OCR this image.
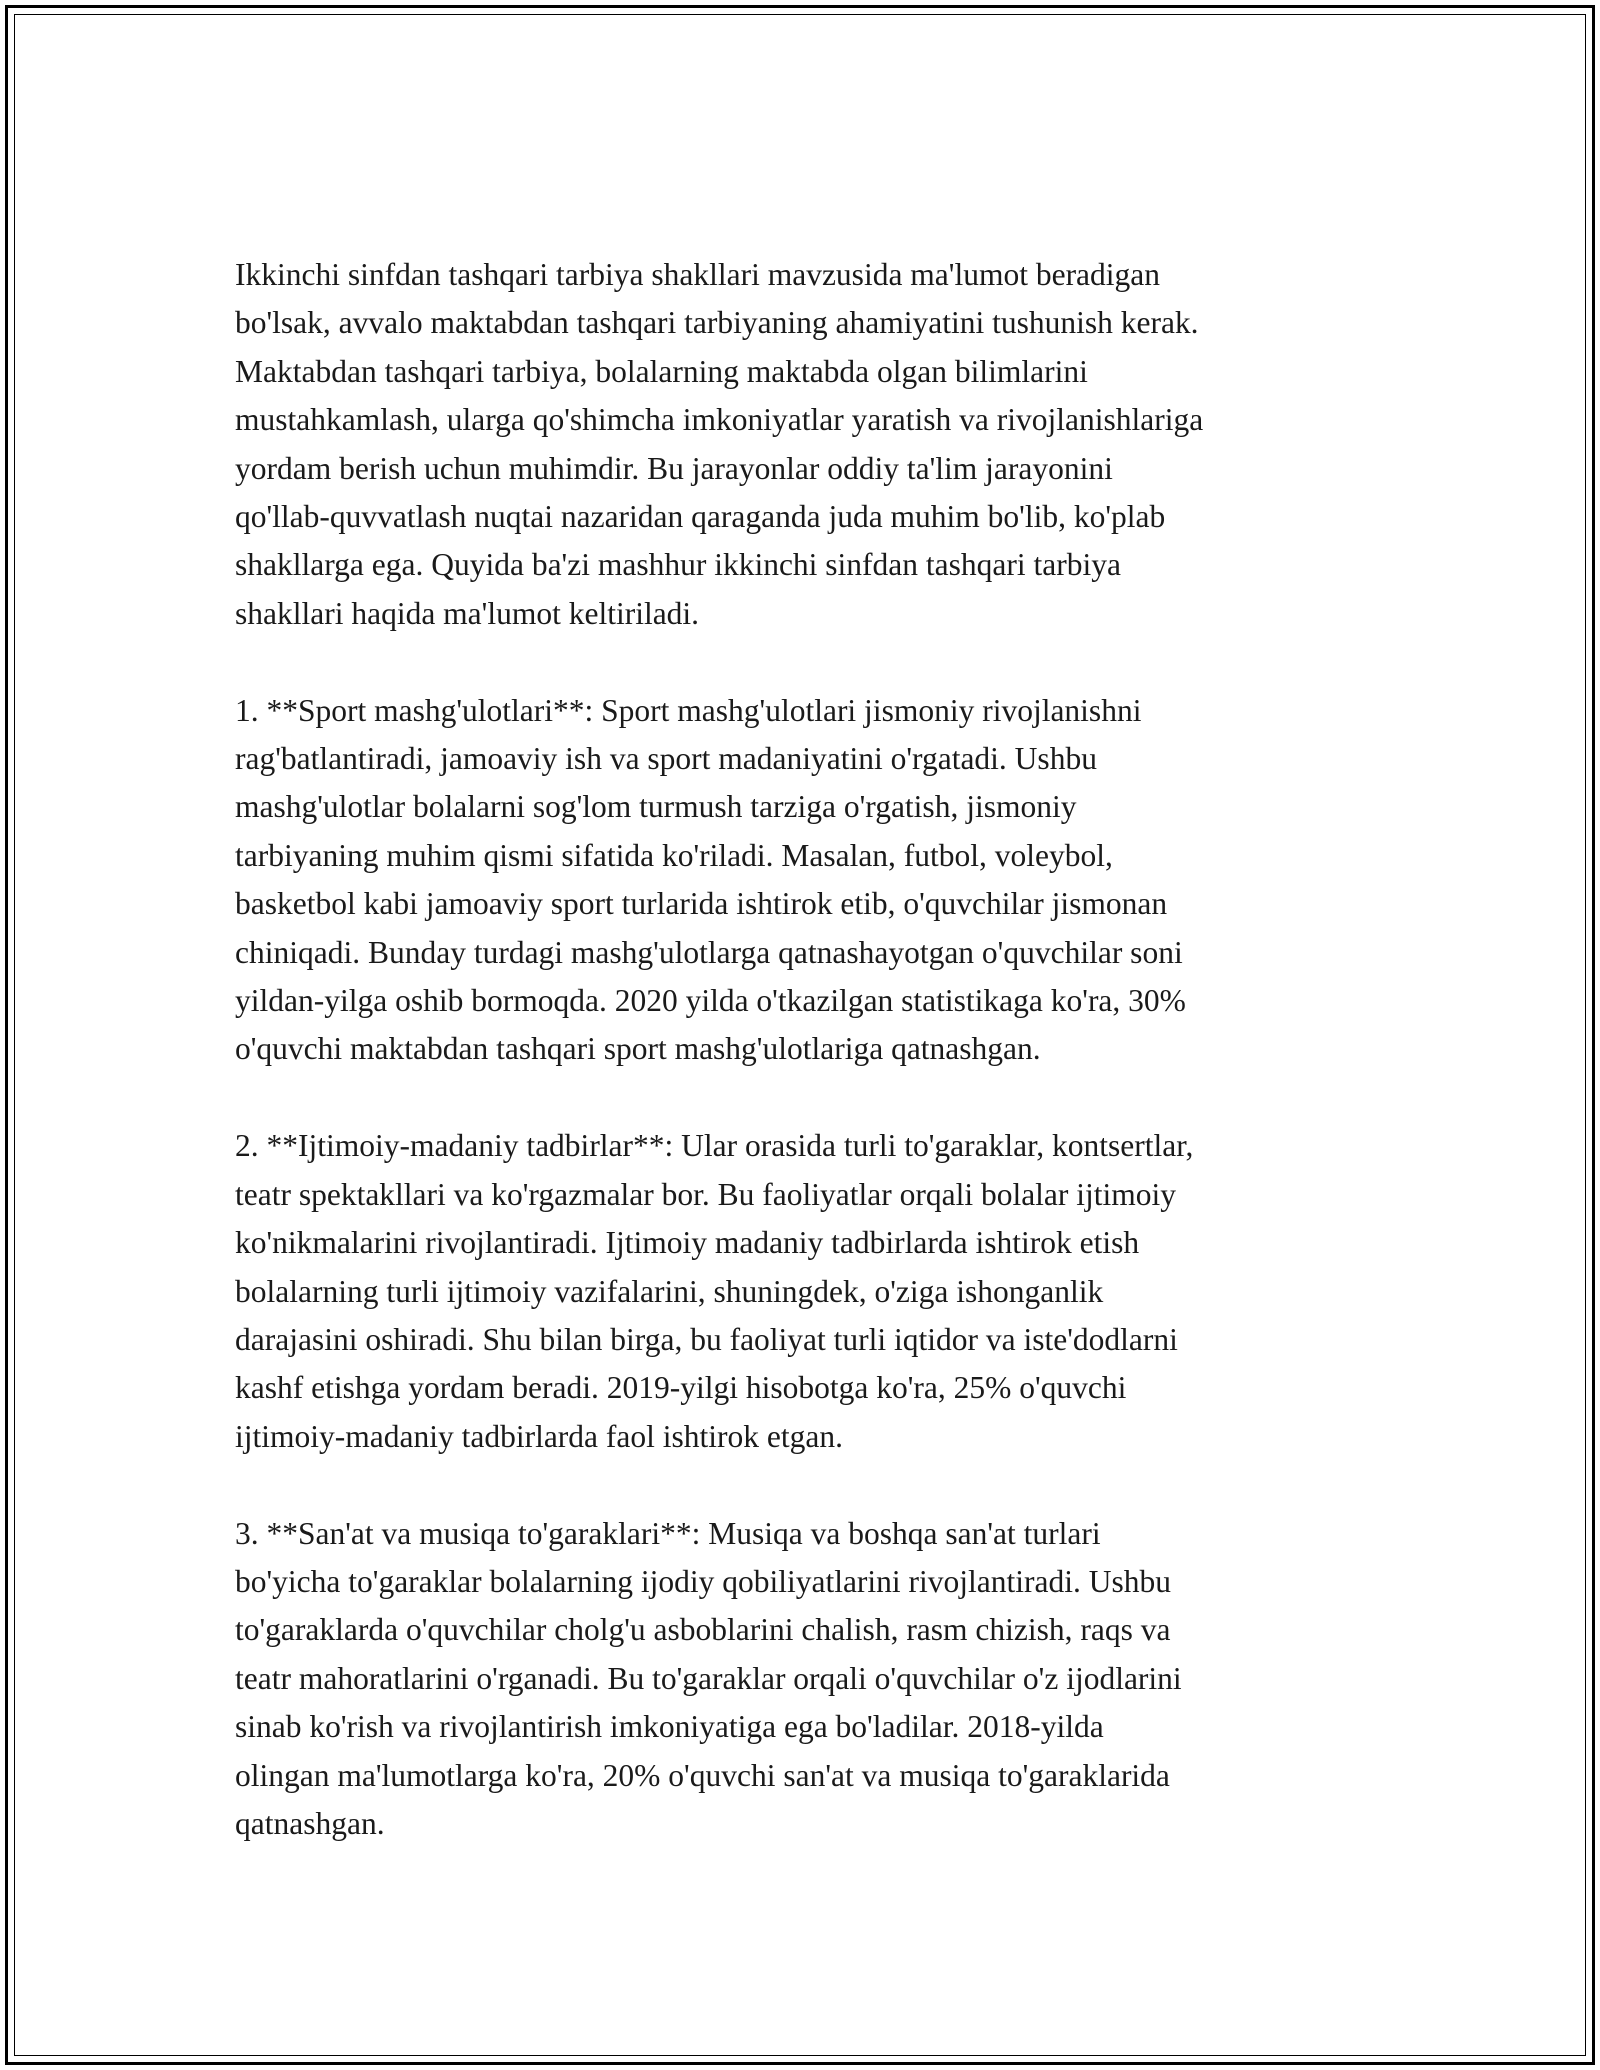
Ikkinchi sinfdan tashqari tarbiya shakllari mavzusida ma'lumot beradigan
bo'lsak, avvalo maktabdan tashqari tarbiyaning ahamiyatini tushunish kerak.
Maktabdan tashqari tarbiya, bolalarning maktabda olgan bilimlarini
mustahkamlash, ularga qo'shimcha imkoniyatlar yaratish va rivojlanishlariga
yordam berish uchun muhimdir. Bu jarayonlar oddiy ta'lim jarayonini
qo'llab-quvvatlash nuqtai nazaridan qaraganda juda muhim bo'lib, ko'plab
shakllarga ega. Quyida ba'zi mashhur ikkinchi sinfdan tashqari tarbiya
shakllari haqida ma'lumot keltiriladi.

1. **Sport mashg'ulotlari**: Sport mashg'ulotlari jismoniy rivojlanishni
rag'batlantiradi, jamoaviy ish va sport madaniyatini o'rgatadi. Ushbu
mashg'ulotlar bolalarni sog'lom turmush tarziga o'rgatish, jismoniy
tarbiyaning muhim qismi sifatida ko'riladi. Masalan, futbol, voleybol,
basketbol kabi jamoaviy sport turlarida ishtirok etib, o'quvchilar jismonan
chiniqadi. Bunday turdagi mashg'ulotlarga qatnashayotgan o'quvchilar soni
yildan-yilga oshib bormoqda. 2020 yilda o'tkazilgan statistikaga ko'ra, 30%
o'quvchi maktabdan tashqari sport mashg'ulotlariga qatnashgan.

2. **Ijtimoiy-madaniy tadbirlar**: Ular orasida turli to'garaklar, kontsertlar,
teatr spektakllari va ko'rgazmalar bor. Bu faoliyatlar orqali bolalar ijtimoiy
ko'nikmalarini rivojlantiradi. Ijtimoiy madaniy tadbirlarda ishtirok etish
bolalarning turli ijtimoiy vazifalarini, shuningdek, o'ziga ishonganlik
darajasini oshiradi. Shu bilan birga, bu faoliyat turli iqtidor va iste'dodlarni
kashf etishga yordam beradi. 2019-yilgi hisobotga ko'ra, 25% o'quvchi
ijtimoiy-madaniy tadbirlarda faol ishtirok etgan.

3. **San'at va musiqa to'garaklari**: Musiqa va boshqa san'at turlari
bo'yicha to'garaklar bolalarning ijodiy qobiliyatlarini rivojlantiradi. Ushbu
to'garaklarda o'quvchilar cholg'u asboblarini chalish, rasm chizish, raqs va
teatr mahoratlarini o'rganadi. Bu to'garaklar orqali o'quvchilar o'z ijodlarini
sinab ko'rish va rivojlantirish imkoniyatiga ega bo'ladilar. 2018-yilda
olingan ma'lumotlarga ko'ra, 20% o'quvchi san'at va musiqa to'garaklarida
qatnashgan.
